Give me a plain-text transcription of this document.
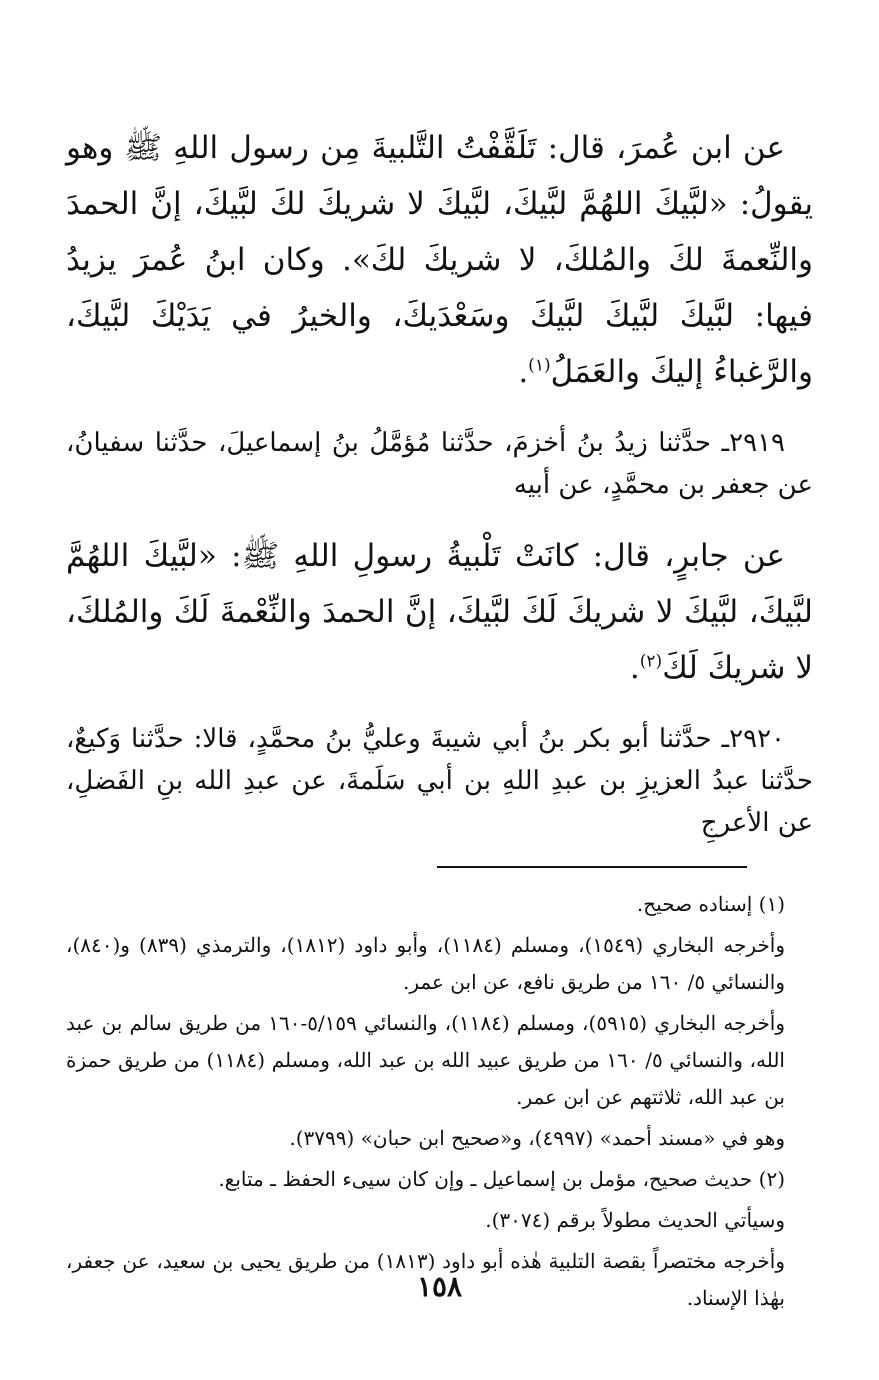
عن ابن عُمرَ، قال: تَلَقَّفْتُ التَّلبيةَ مِن رسول اللهِ ﷺ وهو يقولُ: «لبَّيكَ اللهُمَّ لبَّيكَ، لبَّيكَ لا شريكَ لكَ لبَّيكَ، إنَّ الحمدَ والنِّعمةَ لكَ والمُلكَ، لا شريكَ لكَ». وكان ابنُ عُمرَ يزيدُ فيها: لبَّيكَ لبَّيكَ لبَّيكَ وسَعْدَيكَ، والخيرُ في يَدَيْكَ لبَّيكَ، والرَّغباءُ إليكَ والعَمَلُ$^{(١)}$.

٢٩١٩ـ حدَّثنا زيدُ بنُ أخزمَ، حدَّثنا مُؤمَّلُ بنُ إسماعيلَ، حدَّثنا سفيانُ، عن جعفر بن محمَّدٍ، عن أبيه

عن جابرٍ، قال: كانَتْ تَلْبيةُ رسولِ اللهِ ﷺ: «لبَّيكَ اللهُمَّ لبَّيكَ، لبَّيكَ لا شريكَ لَكَ لبَّيكَ، إنَّ الحمدَ والنِّعْمةَ لَكَ والمُلكَ، لا شريكَ لَكَ$^{(٢)}$.

٢٩٢٠ـ حدَّثنا أبو بكر بنُ أبي شيبةَ وعليُّ بنُ محمَّدٍ، قالا: حدَّثنا وَكيعٌ، حدَّثنا عبدُ العزيزِ بن عبدِ اللهِ بن أبي سَلَمةَ، عن عبدِ الله بنِ الفَضلِ، عن الأعرجِ

(١) إسناده صحيح.

وأخرجه البخاري (١٥٤٩)، ومسلم (١١٨٤)، وأبو داود (١٨١٢)، والترمذي (٨٣٩) و(٨٤٠)، والنسائي ٥/ ١٦٠ من طريق نافع، عن ابن عمر.

وأخرجه البخاري (٥٩١٥)، ومسلم (١١٨٤)، والنسائي ٥/١٥٩-١٦٠ من طريق سالم بن عبد الله، والنسائي ٥/ ١٦٠ من طريق عبيد الله بن عبد الله، ومسلم (١١٨٤) من طريق حمزة بن عبد الله، ثلاثتهم عن ابن عمر.

وهو في «مسند أحمد» (٤٩٩٧)، و«صحيح ابن حبان» (٣٧٩٩).

(٢) حديث صحيح، مؤمل بن إسماعيل ـ وإن كان سيىء الحفظ ـ متابع.

وسيأتي الحديث مطولاً برقم (٣٠٧٤).

وأخرجه مختصراً بقصة التلبية هٰذه أبو داود (١٨١٣) من طريق يحيى بن سعيد، عن جعفر، بهٰذا الإسناد.

١٥٨
